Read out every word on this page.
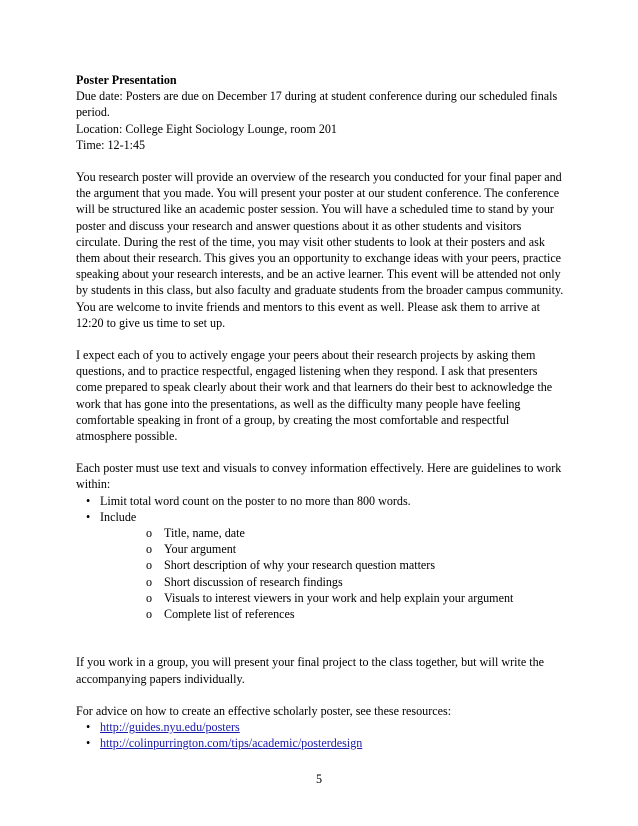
Poster Presentation

Due date: Posters are due on December 17 during at student conference during our scheduled finals period.

Location: College Eight Sociology Lounge, room 201

Time: 12-1:45

You research poster will provide an overview of the research you conducted for your final paper and the argument that you made. You will present your poster at our student conference. The conference will be structured like an academic poster session. You will have a scheduled time to stand by your poster and discuss your research and answer questions about it as other students and visitors circulate. During the rest of the time, you may visit other students to look at their posters and ask them about their research. This gives you an opportunity to exchange ideas with your peers, practice speaking about your research interests, and be an active learner. This event will be attended not only by students in this class, but also faculty and graduate students from the broader campus community. You are welcome to invite friends and mentors to this event as well. Please ask them to arrive at 12:20 to give us time to set up.

I expect each of you to actively engage your peers about their research projects by asking them questions, and to practice respectful, engaged listening when they respond. I ask that presenters come prepared to speak clearly about their work and that learners do their best to acknowledge the work that has gone into the presentations, as well as the difficulty many people have feeling comfortable speaking in front of a group, by creating the most comfortable and respectful atmosphere possible.

Each poster must use text and visuals to convey information effectively. Here are guidelines to work within:

• Limit total word count on the poster to no more than 800 words.
• Include
o Title, name, date
o Your argument
o Short description of why your research question matters
o Short discussion of research findings
o Visuals to interest viewers in your work and help explain your argument
o Complete list of references

If you work in a group, you will present your final project to the class together, but will write the accompanying papers individually.

For advice on how to create an effective scholarly poster, see these resources:

• http://guides.nyu.edu/posters
• http://colinpurrington.com/tips/academic/posterdesign
5
